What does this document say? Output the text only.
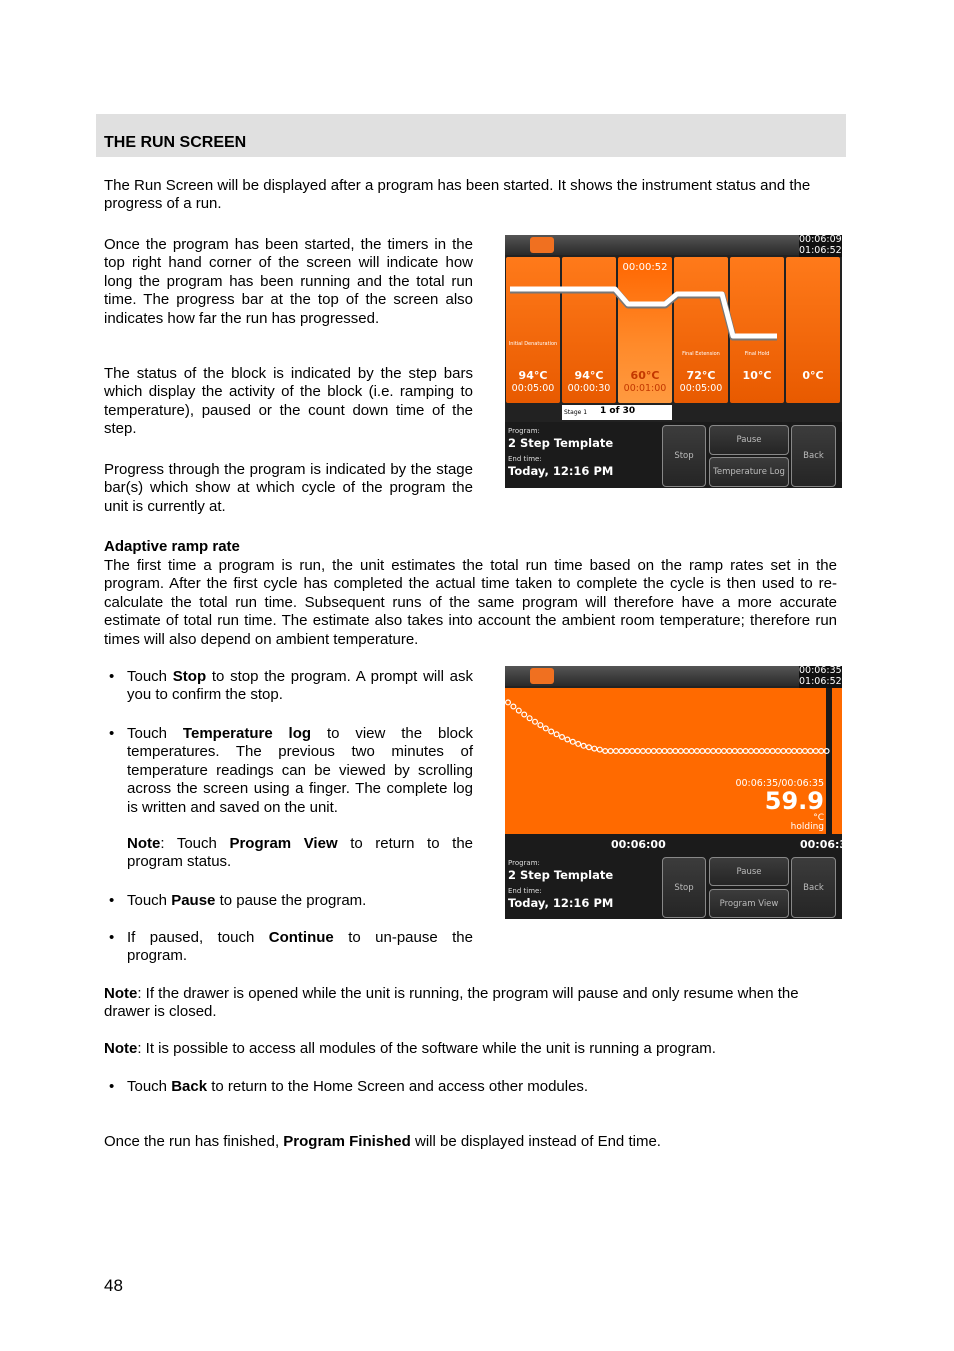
THE RUN SCREEN

The Run Screen will be displayed after a program has been started. It shows the instrument status and the progress of a run.

Once the program has been started, the timers in the top right hand corner of the screen will indicate how long the program has been running and the total run time. The progress bar at the top of the screen also indicates how far the run has progressed.

The status of the block is indicated by the step bars which display the activity of the block (i.e. ramping to temperature), paused or the count down time of the step.

Progress through the program is indicated by the stage bar(s) which show at which cycle of the program the unit is currently at.

00:06:09
01:06:52
Initial Denaturation
94°C
00:05:00
94°C
00:00:30
00:00:52
60°C
00:01:00
Final Extension
72°C
00:05:00
Final Hold
10°C	0°C
Stage 1 1 of 30
Program:
2 Step Template
End time:
Today, 12:16 PM
Stop
Pause
Temperature Log
Back
Adaptive ramp rate

The first time a program is run, the unit estimates the total run time based on the ramp rates set in the program. After the first cycle has completed the actual time taken to complete the cycle is then used to re-calculate the total run time. Subsequent runs of the same program will therefore have a more accurate estimate of total run time. The estimate also takes into account the ambient room temperature; therefore run times will also depend on ambient temperature.

• Touch Stop to stop the program. A prompt will ask you to confirm the stop.
• Touch Temperature log to view the block temperatures. The previous two minutes of temperature readings can be viewed by scrolling across the screen using a finger. The complete log is written and saved on the unit.
Note: Touch Program View to return to the program status.
• Touch Pause to pause the program.
• If paused, touch Continue to un-pause the program.
00:06:35
01:06:52
00:06:35/00:06:35
59.9
°C
holding
00:06:00	00:06:3
Program:
2 Step Template
End time:
Today, 12:16 PM
Stop
Pause
Program View
Back

Note: If the drawer is opened while the unit is running, the program will pause and only resume when the drawer is closed.

Note: It is possible to access all modules of the software while the unit is running a program.

• Touch Back to return to the Home Screen and access other modules.

Once the run has finished, Program Finished will be displayed instead of End time.

48
